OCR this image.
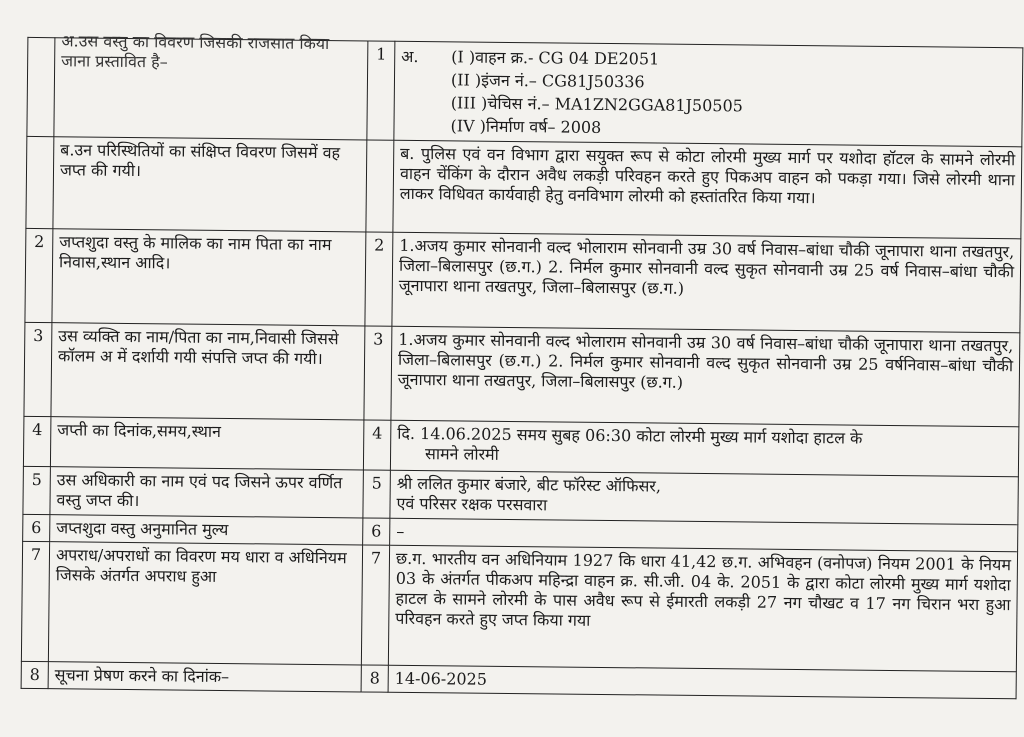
	अ.उस वस्तु का विवरण जिसकी राजसात किया जाना प्रस्तावित है–	1	अ. (I )वाहन क्र.- CG 04 DE2051
(II )इंजन नं.– CG81J50336
(III )चेचिस नं.– MA1ZN2GGA81J50505
(IV )निर्माण वर्ष– 2008

	ब.उन परिस्थितियों का संक्षिप्त विवरण जिसमें वह जप्त की गयी।		ब. पुलिस एवं वन विभाग द्वारा सयुक्त रूप से कोटा लोरमी मुख्य मार्ग पर यशोदा हॉटल के सामने लोरमी वाहन चेंकिंग के दौरान अवैध लकड़ी परिवहन करते हुए पिकअप वाहन को पकड़ा गया। जिसे लोरमी थाना लाकर विधिवत कार्यवाही हेतु वनविभाग लोरमी को हस्तांतरित किया गया।
2	जप्तशुदा वस्तु के मालिक का नाम पिता का नाम निवास,स्थान आदि।	2	1.अजय कुमार सोनवानी वल्द भोलाराम सोनवानी उम्र 30 वर्ष निवास–बांधा चौकी जूनापारा थाना तखतपुर, जिला–बिलासपुर (छ.ग.) 2. निर्मल कुमार सोनवानी वल्द सुकृत सोनवानी उम्र 25 वर्ष निवास–बांधा चौकी जूनापारा थाना तखतपुर, जिला–बिलासपुर (छ.ग.)
3	उस व्यक्ति का नाम/पिता का नाम,निवासी जिससे कॉलम अ में दर्शायी गयी संपत्ति जप्त की गयी।	3	1.अजय कुमार सोनवानी वल्द भोलाराम सोनवानी उम्र 30 वर्ष निवास–बांधा चौकी जूनापारा थाना तखतपुर, जिला–बिलासपुर (छ.ग.) 2. निर्मल कुमार सोनवानी वल्द सुकृत सोनवानी उम्र 25 वर्षनिवास–बांधा चौकी जूनापारा थाना तखतपुर, जिला–बिलासपुर (छ.ग.)
4	जप्ती का दिनांक,समय,स्थान	4	दि. 14.06.2025 समय सुबह 06:30 कोटा लोरमी मुख्य मार्ग यशोदा हाटल के
सामने लोरमी

5	उस अधिकारी का नाम एवं पद जिसने ऊपर वर्णित वस्तु जप्त की।	5	श्री ललित कुमार बंजारे, बीट फॉरेस्ट ऑफिसर,
एवं परिसर रक्षक परसवारा

6	जप्तशुदा वस्तु अनुमानित मुल्य	6	–
7	अपराध/अपराधों का विवरण मय धारा व अधिनियम जिसके अंतर्गत अपराध हुआ	7	छ.ग. भारतीय वन अधिनियाम 1927 कि धारा 41,42 छ.ग. अभिवहन (वनोपज) नियम 2001 के नियम 03 के अंतर्गत पीकअप महिन्द्रा वाहन क्र. सी.जी. 04 के. 2051 के द्वारा कोटा लोरमी मुख्य मार्ग यशोदा हाटल के सामने लोरमी के पास अवैध रूप से ईमारती लकड़ी 27 नग चौखट व 17 नग चिरान भरा हुआ परिवहन करते हुए जप्त किया गया
8	सूचना प्रेषण करने का दिनांक–	8	14-06-2025
